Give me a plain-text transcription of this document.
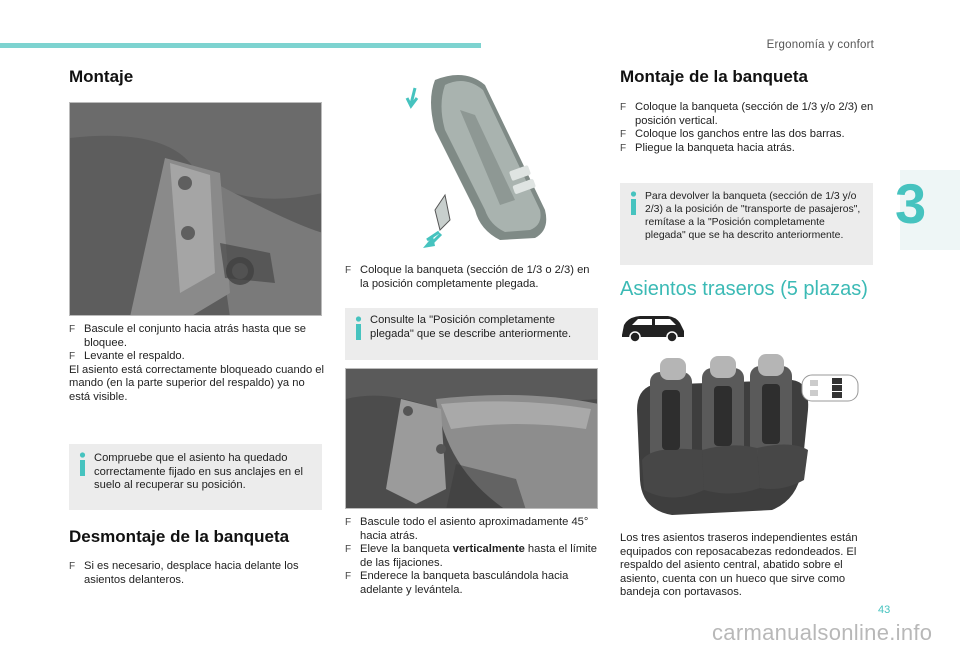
Ergonomía y confort
3
Montaje
F Bascule el conjunto hacia atrás hasta que se bloquee.
F Levante el respaldo.
El asiento está correctamente bloqueado cuando el mando (en la parte superior del respaldo) ya no está visible.
Compruebe que el asiento ha quedado correctamente fijado en sus anclajes en el suelo al recuperar su posición.
Desmontaje de la banqueta
F Si es necesario, desplace hacia delante los asientos delanteros.
F Coloque la banqueta (sección de 1/3 o 2/3) en la posición completamente plegada.
Consulte la "Posición completamente plegada" que se describe anteriormente.
F Bascule todo el asiento aproximadamente 45° hacia atrás.
F Eleve la banqueta verticalmente hasta el límite de las fijaciones.
F Enderece la banqueta basculándola hacia adelante y levántela.
Montaje de la banqueta
F Coloque la banqueta (sección de 1/3 y/o 2/3) en posición vertical.
F Coloque los ganchos entre las dos barras.
F Pliegue la banqueta hacia atrás.
Para devolver la banqueta (sección de 1/3 y/o 2/3) a la posición de "transporte de pasajeros", remítase a la "Posición completamente plegada" que se ha descrito anteriormente.
Asientos traseros (5 plazas)
Los tres asientos traseros independientes están equipados con reposacabezas redondeados. El respaldo del asiento central, abatido sobre el asiento, cuenta con un hueco que sirve como bandeja con portavasos.
43
carmanualsonline.info
